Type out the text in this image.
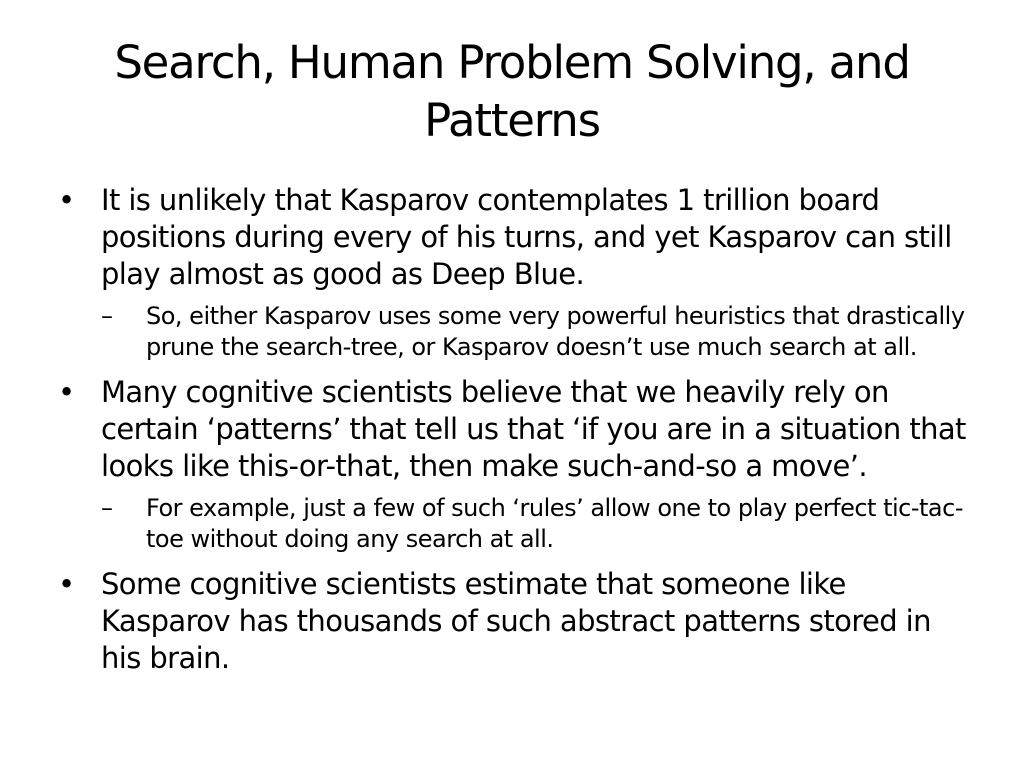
Search, Human Problem Solving, and Patterns
• It is unlikely that Kasparov contemplates 1 trillion board positions during every of his turns, and yet Kasparov can still play almost as good as Deep Blue.
–	So, either Kasparov uses some very powerful heuristics that drastically prune the search-tree, or Kasparov doesn’t use much search at all.
• Many cognitive scientists believe that we heavily rely on certain ‘patterns’ that tell us that ‘if you are in a situation that looks like this-or-that, then make such-and-so a move’.
–	For example, just a few of such ‘rules’ allow one to play perfect tic-tac-toe without doing any search at all.
• Some cognitive scientists estimate that someone like Kasparov has thousands of such abstract patterns stored in his brain.
